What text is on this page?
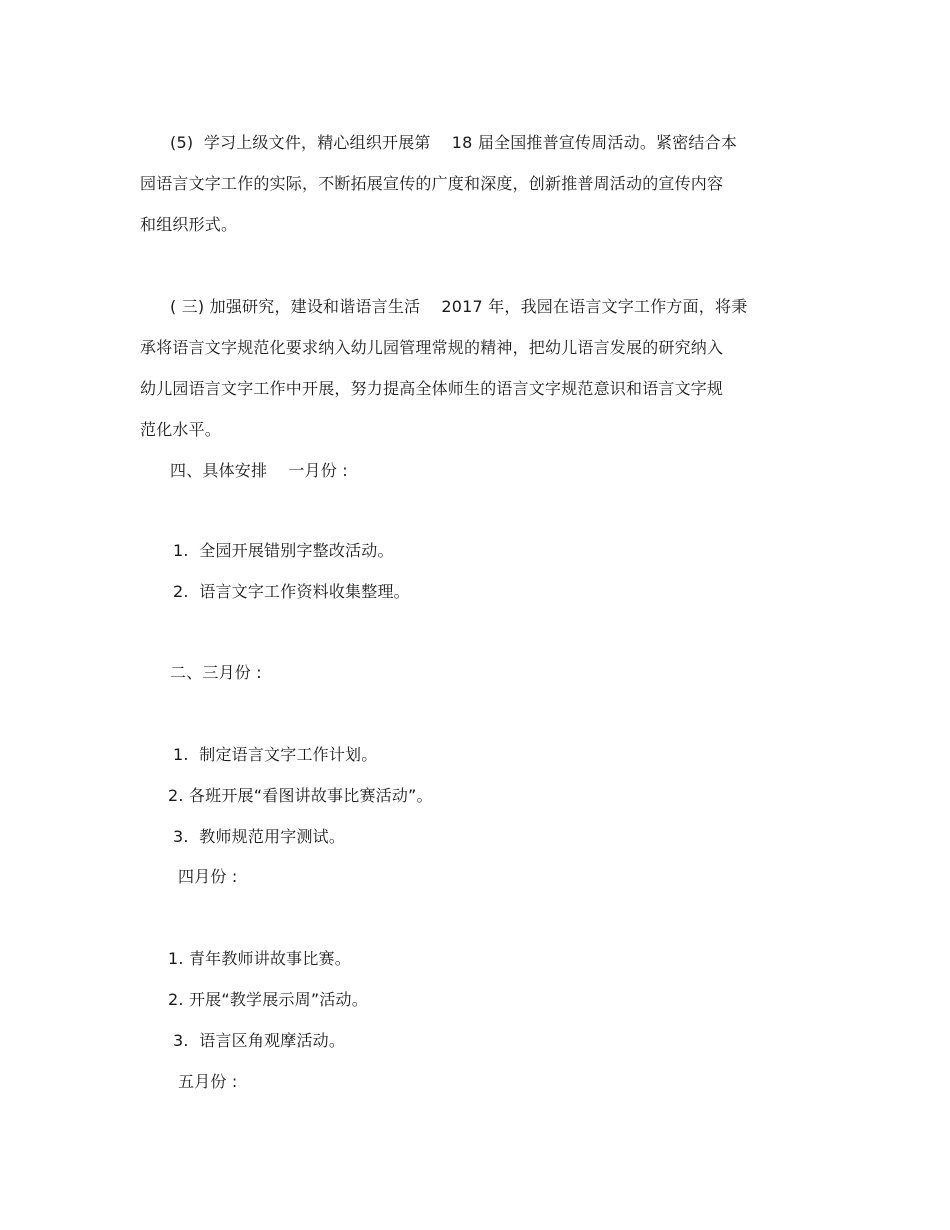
(5)  学习上级文件，精心组织开展第    18 届全国推普宣传周活动。紧密结合本
园语言文字工作的实际，不断拓展宣传的广度和深度，创新推普周活动的宣传内容
和组织形式。
( 三) 加强研究，建设和谐语言生活    2017 年，我园在语言文字工作方面，将秉
承将语言文字规范化要求纳入幼儿园管理常规的精神，把幼儿语言发展的研究纳入
幼儿园语言文字工作中开展，努力提高全体师生的语言文字规范意识和语言文字规
范化水平。
四、具体安排    一月份 :
1.  全园开展错别字整改活动。
2.  语言文字工作资料收集整理。
二、三月份 :
1.  制定语言文字工作计划。
2. 各班开展“看图讲故事比赛活动”。
3.  教师规范用字测试。
四月份 :
1. 青年教师讲故事比赛。
2. 开展“教学展示周”活动。
3.  语言区角观摩活动。
五月份 :
